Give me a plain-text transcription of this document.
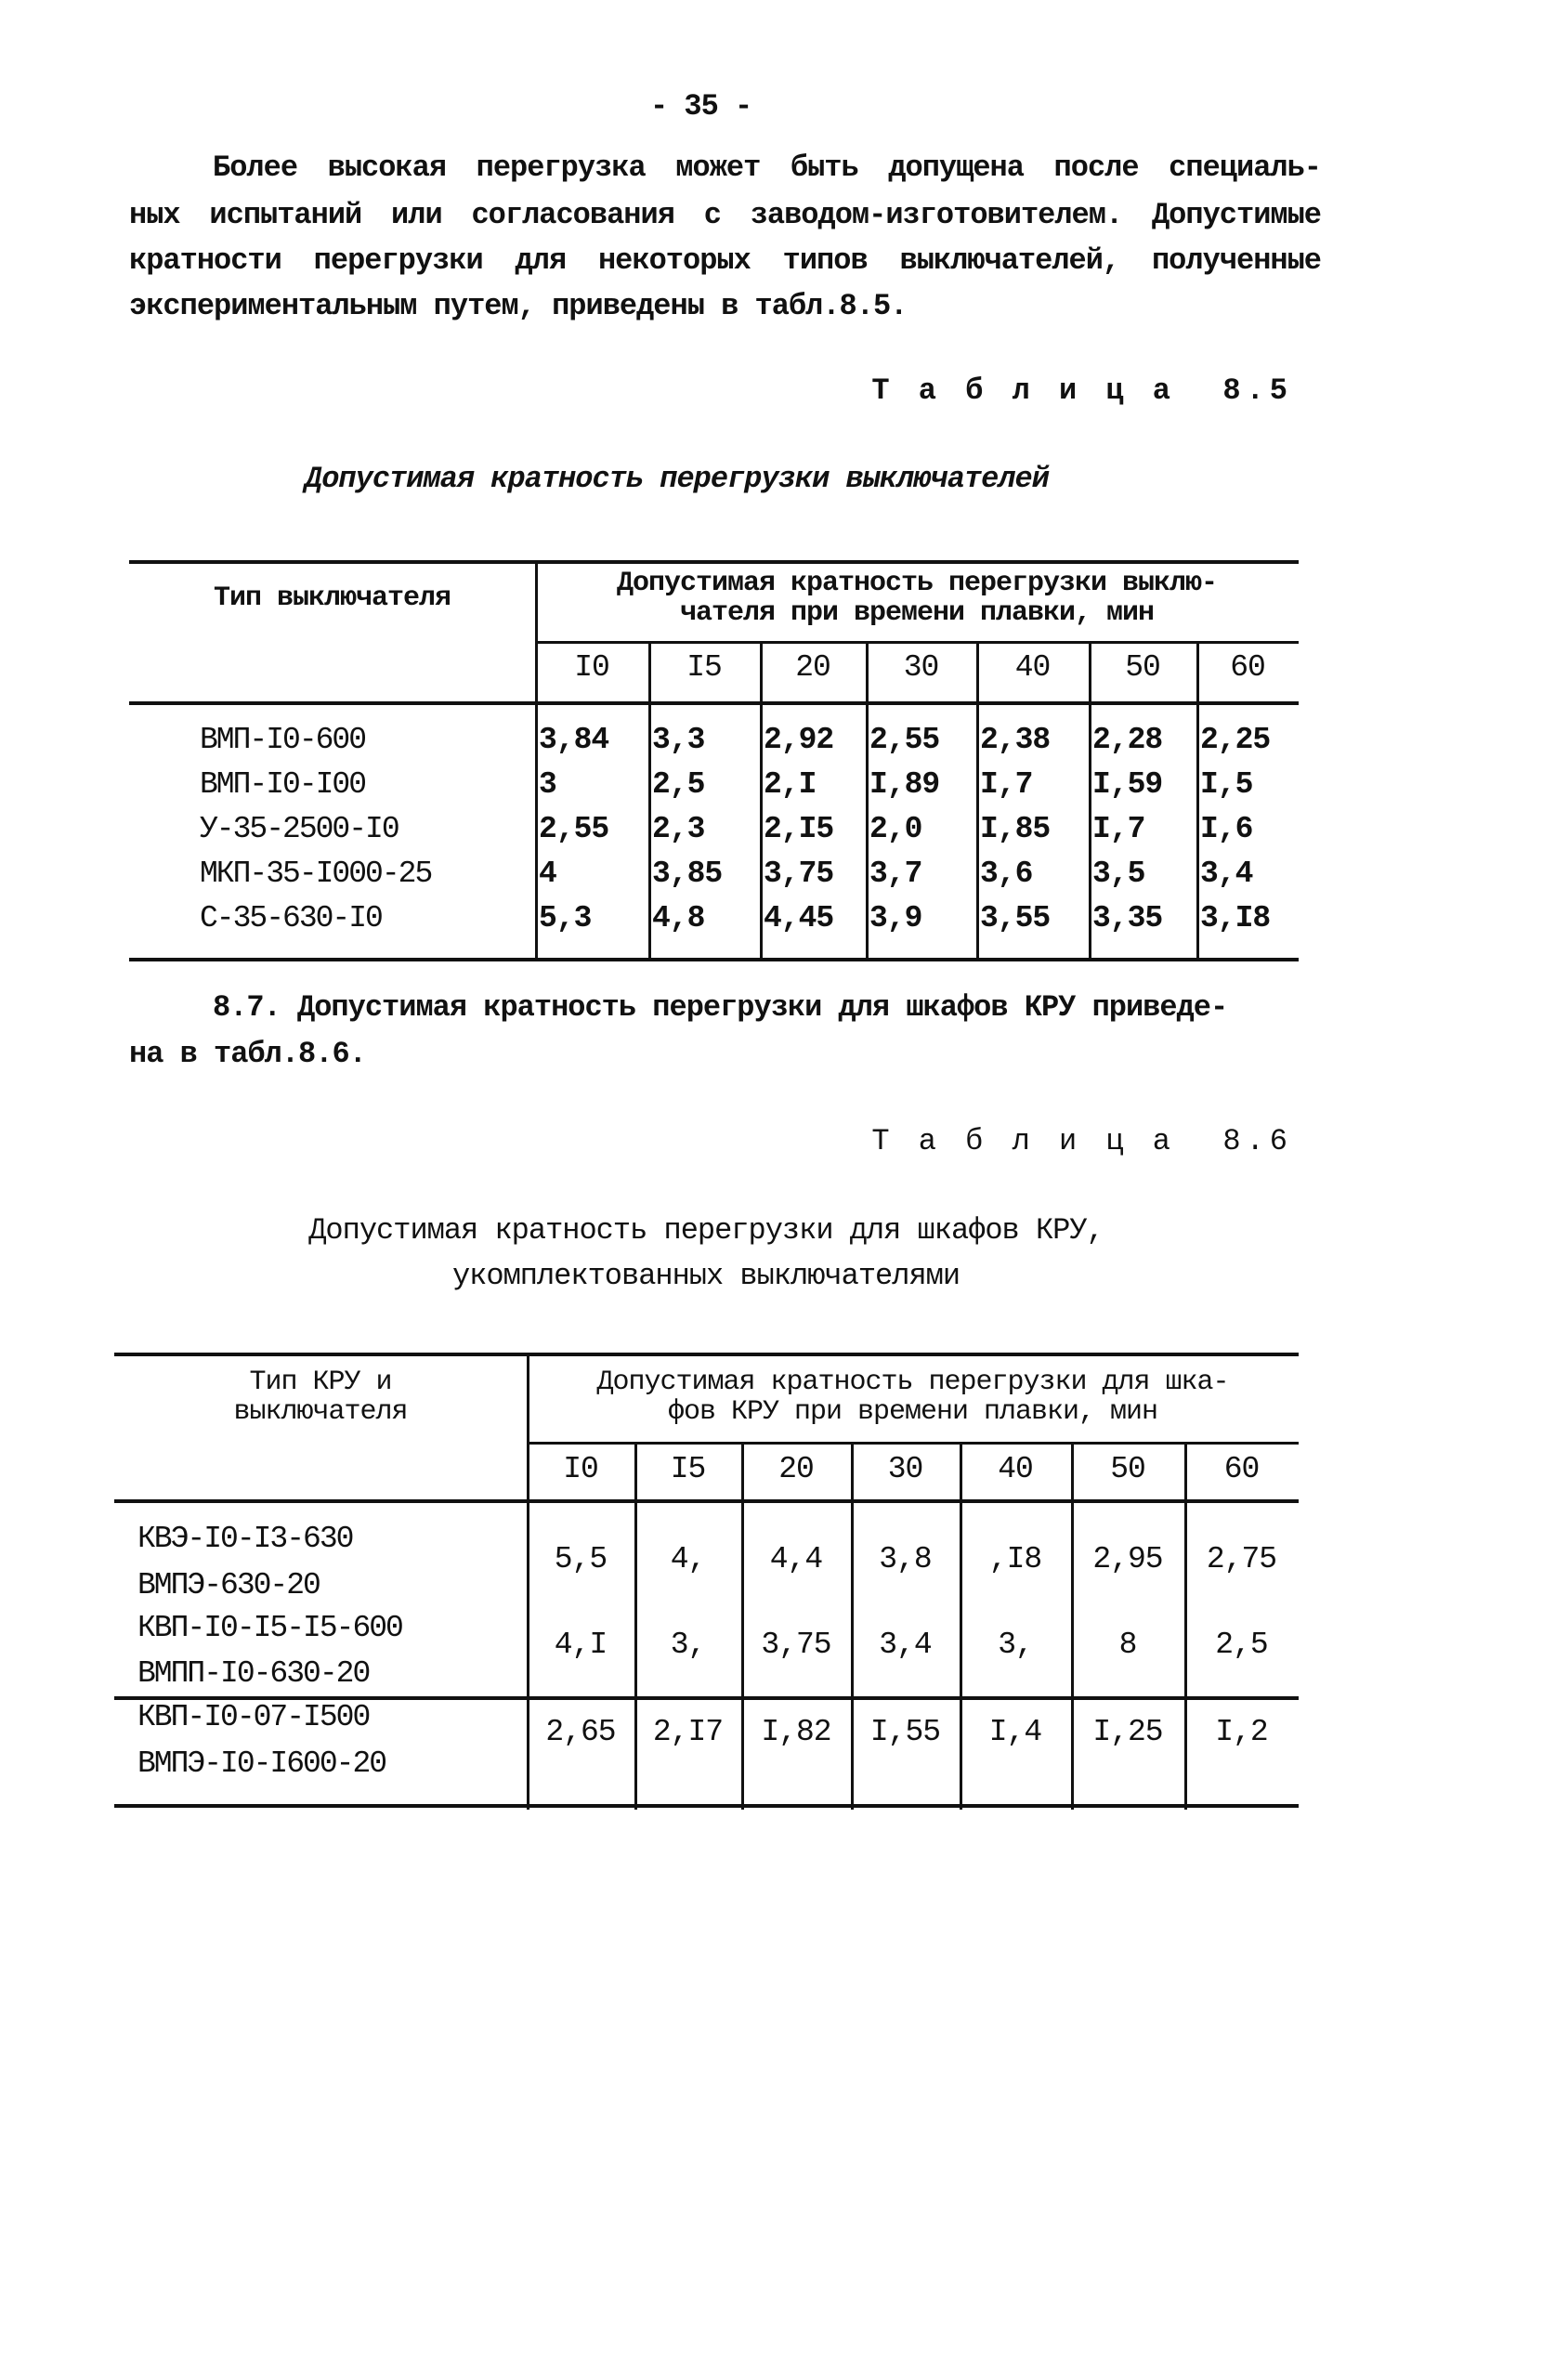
- 35 -
Более высокая перегрузка может быть допущена после специаль-
ных испытаний или согласования с заводом-изготовителем. Допустимые
кратности перегрузки для некоторых типов выключателей, полученные
экспериментальным путем, приведены в табл.8.5.
Т а б л и ц а  8.5
Допустимая кратность перегрузки выключателей
Тип выключателя	Допустимая кратность перегрузки выклю-
чателя при времени плавки, мин
I0	I5	20	30	40	50	60
ВМП-I0-600	3,84 3,3 2,92 2,55 2,38 2,28 2,25
ВМП-I0-I00	3	2,5 2,I I,89 I,7 I,59 I,5
У-35-2500-I0	2,55 2,3 2,I5 2,0 I,85 I,7 I,6
МКП-35-I000-25	4	3,85 3,75 3,7 3,6 3,5 3,4
С-35-630-I0	5,3 4,8 4,45 3,9 3,55 3,35 3,I8
8.7. Допустимая кратность перегрузки для шкафов КРУ приведе-
на в табл.8.6.
Т а б л и ц а  8.6
Допустимая кратность перегрузки для шкафов КРУ,
укомплектованных выключателями
Тип КРУ и
выключателя
Допустимая кратность перегрузки для шка-
фов КРУ при времени плавки, мин
I0	I5	20	30	40	50	60
КВЭ-I0-I3-630
ВМПЭ-630-20
5,5	4,	4,4	3,8	,I8	2,95	2,75
КВП-I0-I5-I5-600
ВМПП-I0-630-20
4,I	3,	3,75	3,4	3,	8	2,5
КВП-I0-07-I500
ВМПЭ-I0-I600-20
2,65	2,I7	I,82	I,55	I,4	I,25	I,2
